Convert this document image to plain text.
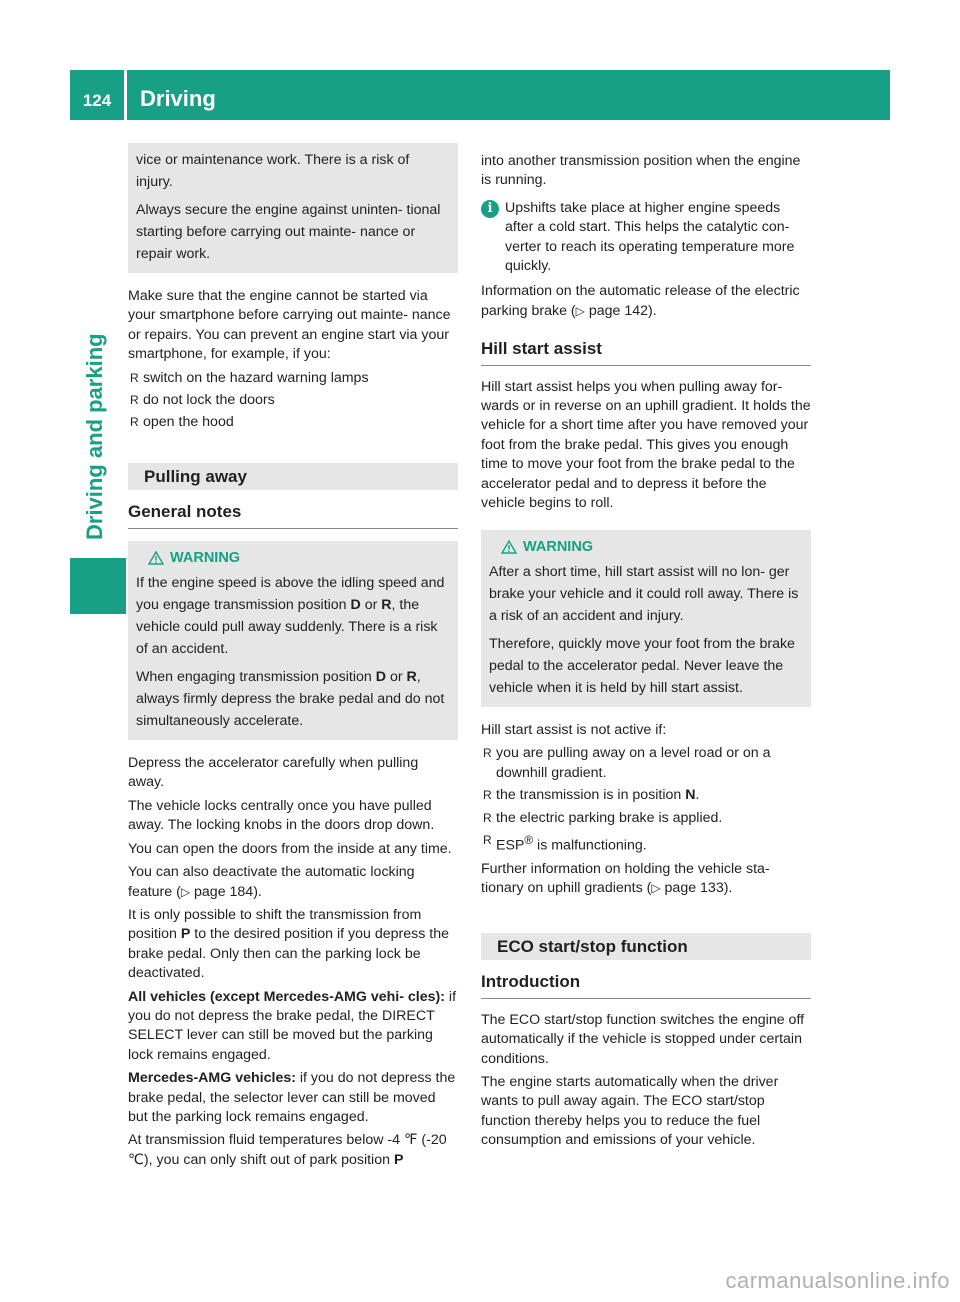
124	Driving
Driving and parking

vice or maintenance work. There is a risk of injury.

Always secure the engine against uninten- tional starting before carrying out mainte- nance or repair work.

Make sure that the engine cannot be started via your smartphone before carrying out mainte- nance or repairs. You can prevent an engine start via your smartphone, for example, if you:

R switch on the hazard warning lamps
R do not lock the doors
R open the hood
Pulling away
General notes
WARNING

If the engine speed is above the idling speed and you engage transmission position D or R, the vehicle could pull away suddenly. There is a risk of an accident.

When engaging transmission position D or R, always firmly depress the brake pedal and do not simultaneously accelerate.

Depress the accelerator carefully when pulling away.

The vehicle locks centrally once you have pulled away. The locking knobs in the doors drop down.

You can open the doors from the inside at any time.

You can also deactivate the automatic locking feature (▷ page 184).

It is only possible to shift the transmission from position P to the desired position if you depress the brake pedal. Only then can the parking lock be deactivated.

All vehicles (except Mercedes-AMG vehi- cles): if you do not depress the brake pedal, the DIRECT SELECT lever can still be moved but the parking lock remains engaged.

Mercedes-AMG vehicles: if you do not depress the brake pedal, the selector lever can still be moved but the parking lock remains engaged.

At transmission fluid temperatures below -4 ℉ (-20 ℃), you can only shift out of park position P

into another transmission position when the engine is running.

i Upshifts take place at higher engine speeds after a cold start. This helps the catalytic con- verter to reach its operating temperature more quickly.

Information on the automatic release of the electric parking brake (▷ page 142).

Hill start assist

Hill start assist helps you when pulling away for- wards or in reverse on an uphill gradient. It holds the vehicle for a short time after you have removed your foot from the brake pedal. This gives you enough time to move your foot from the brake pedal to the accelerator pedal and to depress it before the vehicle begins to roll.

WARNING

After a short time, hill start assist will no lon- ger brake your vehicle and it could roll away. There is a risk of an accident and injury.

Therefore, quickly move your foot from the brake pedal to the accelerator pedal. Never leave the vehicle when it is held by hill start assist.

Hill start assist is not active if:

R you are pulling away on a level road or on a downhill gradient.
R the transmission is in position N.
R the electric parking brake is applied.
R ESP® is malfunctioning.

Further information on holding the vehicle sta- tionary on uphill gradients (▷ page 133).

ECO start/stop function
Introduction

The ECO start/stop function switches the engine off automatically if the vehicle is stopped under certain conditions.

The engine starts automatically when the driver wants to pull away again. The ECO start/stop function thereby helps you to reduce the fuel consumption and emissions of your vehicle.

carmanualsonline.info
